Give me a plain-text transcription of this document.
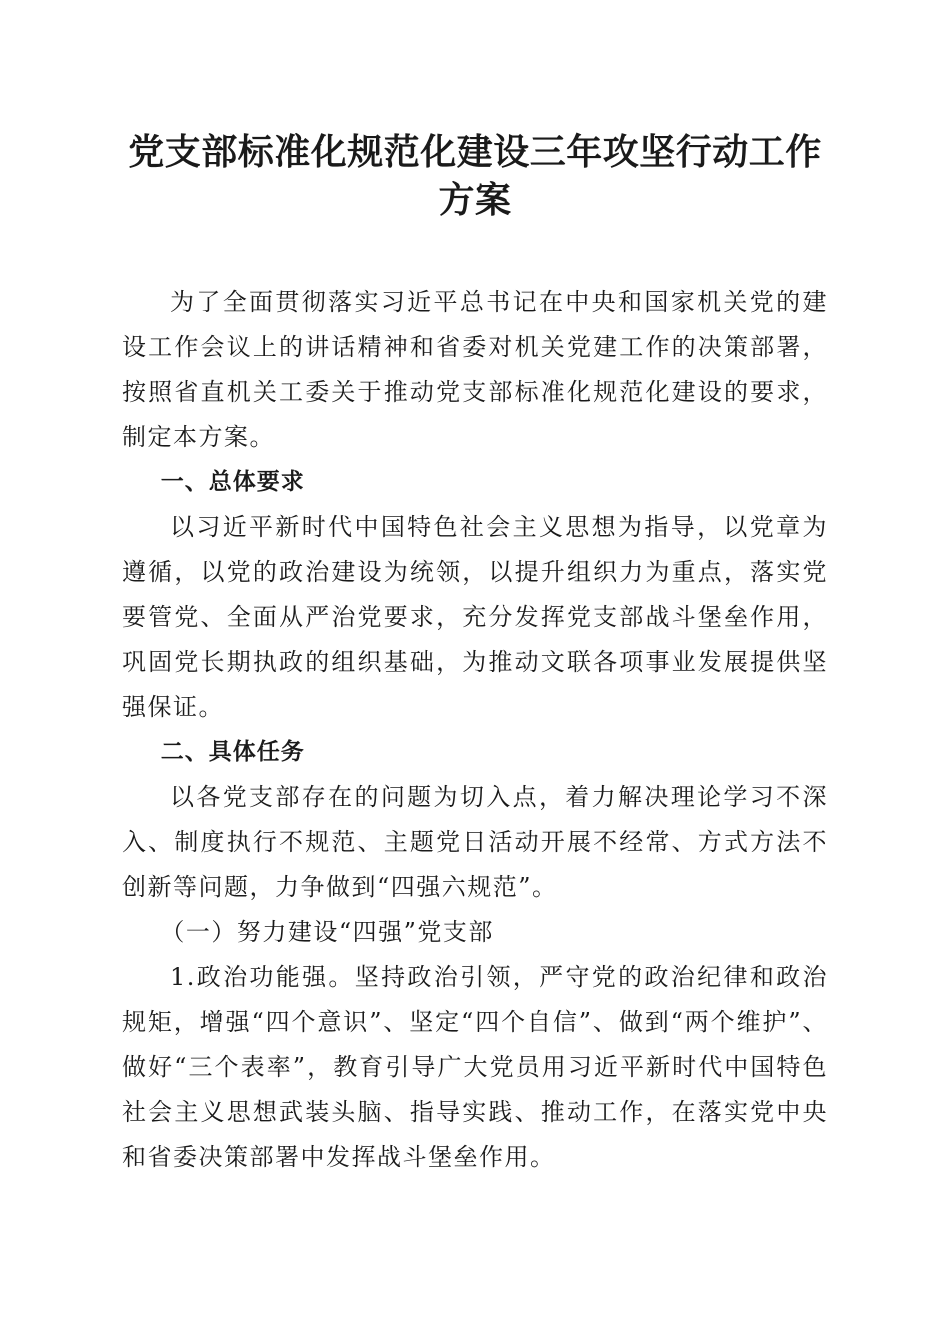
党支部标准化规范化建设三年攻坚行动工作方案

为了全面贯彻落实习近平总书记在中央和国家机关党的建设工作会议上的讲话精神和省委对机关党建工作的决策部署，按照省直机关工委关于推动党支部标准化规范化建设的要求，制定本方案。

一、总体要求

以习近平新时代中国特色社会主义思想为指导，以党章为遵循，以党的政治建设为统领，以提升组织力为重点，落实党要管党、全面从严治党要求，充分发挥党支部战斗堡垒作用，巩固党长期执政的组织基础，为推动文联各项事业发展提供坚强保证。

二、具体任务

以各党支部存在的问题为切入点，着力解决理论学习不深入、制度执行不规范、主题党日活动开展不经常、方式方法不创新等问题，力争做到“四强六规范”。

（一）努力建设“四强”党支部

1.政治功能强。坚持政治引领，严守党的政治纪律和政治规矩，增强“四个意识”、坚定“四个自信”、做到“两个维护”、做好“三个表率”，教育引导广大党员用习近平新时代中国特色社会主义思想武装头脑、指导实践、推动工作，在落实党中央和省委决策部署中发挥战斗堡垒作用。
